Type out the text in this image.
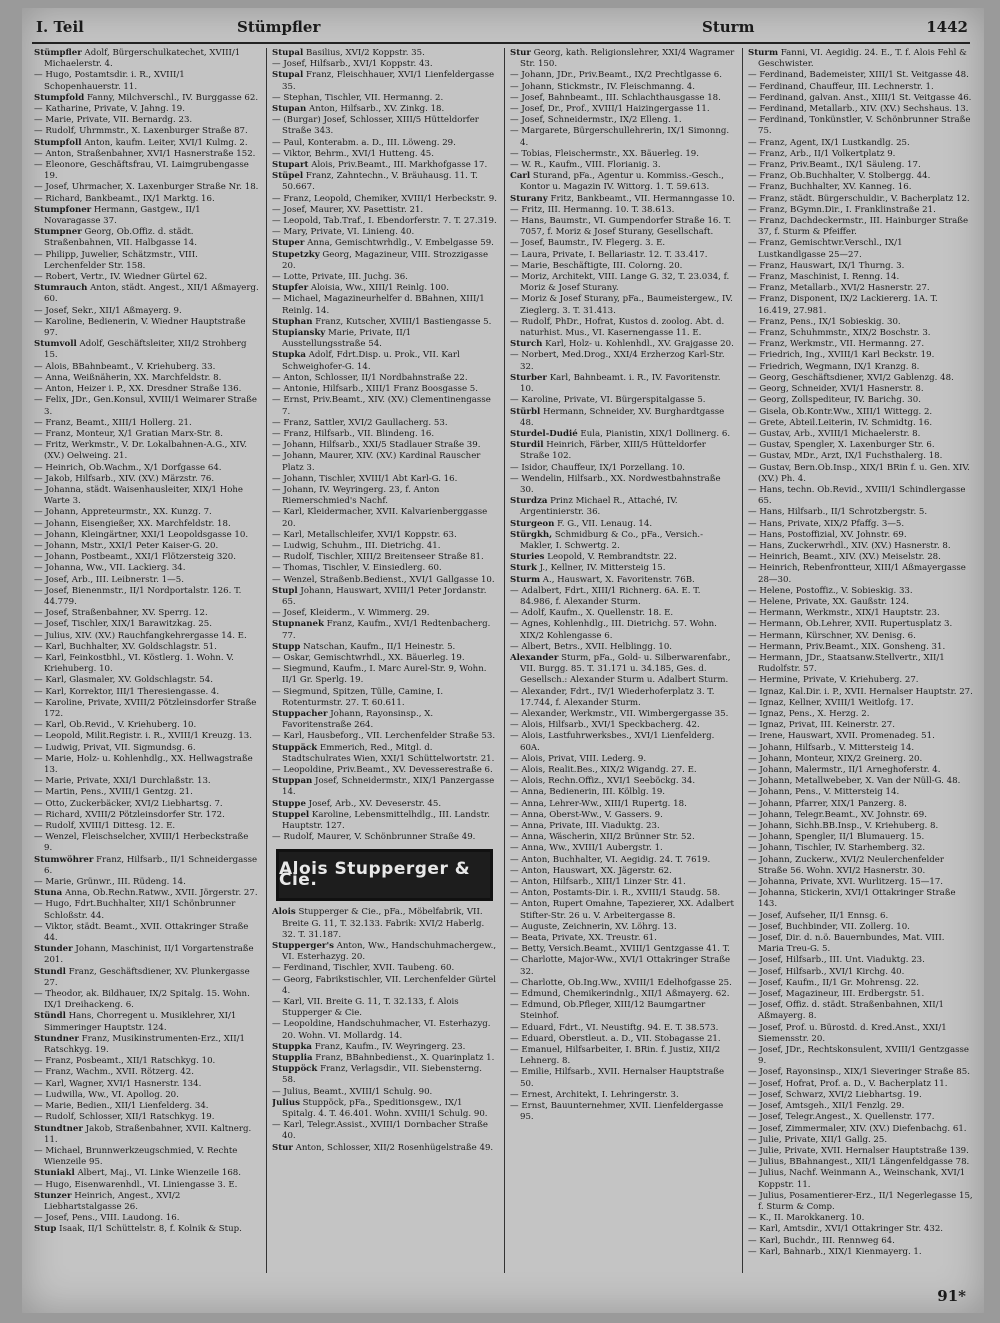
I. Teil	Stümpfler	Sturm	1442

Stümpfler Adolf, Bürgerschulkatechet, XVIII/1 Michaelerstr. 4.

— Hugo, Postamtsdir. i. R., XVIII/1 Schopenhauerstr. 11.

Stumpfold Fanny, Milchverschl., IV. Burggasse 62.

— Katharine, Private, V. Jahng. 19.

— Marie, Private, VII. Bernardg. 23.

— Rudolf, Uhrmmstr., X. Laxenburger Straße 87.

Stumpfoll Anton, kaufm. Leiter, XVI/1 Kulmg. 2.

— Anton, Straßenbahner, XVI/1 Hasnerstraße 152.

— Eleonore, Geschäftsfrau, VI. Laimgrubengasse 19.

— Josef, Uhrmacher, X. Laxenburger Straße Nr. 18.

— Richard, Bankbeamt., IX/1 Marktg. 16.

Stumpfoner Hermann, Gastgew., II/1 Novaragasse 37.

Stumpner Georg, Ob.Offiz. d. städt. Straßenbahnen, VII. Halbgasse 14.

— Philipp, Juwelier, Schätzmstr., VIII. Lerchenfelder Str. 158.

— Robert, Vertr., IV. Wiedner Gürtel 62.

Stumrauch Anton, städt. Angest., XII/1 Aßmayerg. 60.

— Josef, Sekr., XII/1 Aßmayerg. 9.

— Karoline, Bedienerin, V. Wiedner Hauptstraße 97.

Stumvoll Adolf, Geschäftsleiter, XII/2 Strohberg 15.

— Alois, BBahnbeamt., V. Kriehuberg. 33.

— Anna, Weißnäherin, XX. Marchfeldstr. 8.

— Anton, Heizer i. P., XX. Dresdner Straße 136.

— Felix, JDr., Gen.Konsul, XVIII/1 Weimarer Straße 3.

— Franz, Beamt., XIII/1 Hollerg. 21.

— Franz, Monteur, X/1 Gratian Marx-Str. 8.

— Fritz, Werkmstr., V. Dr. Lokalbahnen-A.G., XIV. (XV.) Oelweing. 21.

— Heinrich, Ob.Wachm., X/1 Dorfgasse 64.

— Jakob, Hilfsarb., XIV. (XV.) Märzstr. 76.

— Johanna, städt. Waisenhausleiter, XIX/1 Hohe Warte 3.

— Johann, Appreteurmstr., XX. Kunzg. 7.

— Johann, Eisengießer, XX. Marchfeldstr. 18.

— Johann, Kleingärtner, XXI/1 Leopoldsgasse 10.

— Johann, Mstr., XXI/1 Peter Kaiser-G. 20.

— Johann, Postbeamt., XXI/1 Flötzersteig 320.

— Johanna, Ww., VII. Lackierg. 34.

— Josef, Arb., III. Leibnerstr. 1—5.

— Josef, Bienenmstr., II/1 Nordportalstr. 126. T. 44.779.

— Josef, Straßenbahner, XV. Sperrg. 12.

— Josef, Tischler, XIX/1 Barawitzkag. 25.

— Julius, XIV. (XV.) Rauchfangkehrergasse 14. E.

— Karl, Buchhalter, XV. Goldschlagstr. 51.

— Karl, Feinkostbhl., VI. Köstlerg. 1. Wohn. V. Kriehuberg. 10.

— Karl, Glasmaler, XV. Goldschlagstr. 54.

— Karl, Korrektor, III/1 Theresiengasse. 4.

— Karoline, Private, XVIII/2 Pötzleinsdorfer Straße 172.

— Karl, Ob.Revid., V. Kriehuberg. 10.

— Leopold, Milit.Registr. i. R., XVIII/1 Kreuzg. 13.

— Ludwig, Privat, VII. Sigmundsg. 6.

— Marie, Holz- u. Kohlenhdlg., XX. Hellwagstraße 13.

— Marie, Private, XXI/1 Durchlaßstr. 13.

— Martin, Pens., XVIII/1 Gentzg. 21.

— Otto, Zuckerbäcker, XVI/2 Liebhartsg. 7.

— Richard, XVIII/2 Pötzleinsdorfer Str. 172.

— Rudolf, XVIII/1 Dittesg. 12. E.

— Wenzel, Fleischselcher, XVIII/1 Herbeckstraße 9.

Stumwöhrer Franz, Hilfsarb., II/1 Schneidergasse 6.

— Marie, Grünwr., III. Rüdeng. 14.

Stuna Anna, Ob.Rechn.Ratww., XVII. Jörgerstr. 27.

— Hugo, Fdrt.Buchhalter, XII/1 Schönbrunner Schloßstr. 44.

— Viktor, städt. Beamt., XVII. Ottakringer Straße 44.

Stunder Johann, Maschinist, II/1 Vorgartenstraße 201.

Stundl Franz, Geschäftsdiener, XV. Plunkergasse 27.

— Theodor, ak. Bildhauer, IX/2 Spitalg. 15. Wohn. IX/1 Dreihackeng. 6.

Stündl Hans, Chorregent u. Musiklehrer, XI/1 Simmeringer Hauptstr. 124.

Stundner Franz, Musikinstrumenten-Erz., XII/1 Ratschkyg. 19.

— Franz, Posbeamt., XII/1 Ratschkyg. 10.

— Franz, Wachm., XVII. Rötzerg. 42.

— Karl, Wagner, XVI/1 Hasnerstr. 134.

— Ludwilla, Ww., VI. Apollog. 20.

— Marie, Bedien., XII/1 Lienfelderg. 34.

— Rudolf, Schlosser, XII/1 Ratschkyg. 19.

Stundtner Jakob, Straßenbahner, XVII. Kaltnerg. 11.

— Michael, Brunnwerkzeugschmied, V. Rechte Wienzeile 95.

Stuniakl Albert, Maj., VI. Linke Wienzeile 168.

— Hugo, Eisenwarenhdl., VI. Liniengasse 3. E.

Stunzer Heinrich, Angest., XVI/2 Liebhartstalgasse 26.

— Josef, Pens., VIII. Laudong. 16.

Stup Isaak, II/1 Schüttelstr. 8, f. Kolnik & Stup.

Stupal Basilius, XVI/2 Koppstr. 35.

— Josef, Hilfsarb., XVI/1 Koppstr. 43.

Stupal Franz, Fleischhauer, XVI/1 Lienfeldergasse 35.

— Stephan, Tischler, VII. Hermanng. 2.

Stupan Anton, Hilfsarb., XV. Zinkg. 18.

— (Burgar) Josef, Schlosser, XIII/5 Hütteldorfer Straße 343.

— Paul, Konterabm. a. D., III. Löweng. 29.

— Viktor, Behrm., XVI/1 Hutteng. 45.

Stupart Alois, Priv.Beamt., III. Markhofgasse 17.

Stüpel Franz, Zahntechn., V. Bräuhausg. 11. T. 50.667.

— Franz, Leopold, Chemiker, XVIII/1 Herbeckstr. 9.

— Josef, Maurer, XV. Pasettistr. 21.

— Leopold, Tab.Traf., I. Ebendorferstr. 7. T. 27.319.

— Mary, Private, VI. Linieng. 40.

Stuper Anna, Gemischtwrhdlg., V. Embelgasse 59.

Stupetzky Georg, Magazineur, VIII. Strozzigasse 20.

— Lotte, Private, III. Juchg. 36.

Stupfer Aloisia, Ww., XIII/1 Reinlg. 100.

— Michael, Magazineurhelfer d. BBahnen, XIII/1 Reinlg. 14.

Stuphan Franz, Kutscher, XVIII/1 Bastiengasse 5.

Stupiansky Marie, Private, II/1 Ausstellungsstraße 54.

Stupka Adolf, Fdrt.Disp. u. Prok., VII. Karl Schweighofer-G. 14.

— Anton, Schlosser, II/1 Nordbahnstraße 22.

— Antonie, Hilfsarb., XIII/1 Franz Boosgasse 5.

— Ernst, Priv.Beamt., XIV. (XV.) Clementinengasse 7.

— Franz, Sattler, XVI/2 Gaullacherg. 53.

— Franz, Hilfsarb., VII. Blindeng. 16.

— Johann, Hilfsarb., XXI/5 Stadlauer Straße 39.

— Johann, Maurer, XIV. (XV.) Kardinal Rauscher Platz 3.

— Johann, Tischler, XVIII/1 Abt Karl-G. 16.

— Johann, IV. Weyringerg. 23, f. Anton Riemerschmied's Nachf.

— Karl, Kleidermacher, XVII. Kalvarienberggasse 20.

— Karl, Metallschleifer, XVI/1 Koppstr. 63.

— Ludwig, Schuhm., III. Dietrichg. 41.

— Rudolf, Tischler, XIII/2 Breitenseer Straße 81.

— Thomas, Tischler, V. Einsiedlerg. 60.

— Wenzel, Straßenb.Bedienst., XVI/1 Gallgasse 10.

Stupl Johann, Hauswart, XVIII/1 Peter Jordanstr. 65.

— Josef, Kleiderm., V. Wimmerg. 29.

Stupnanek Franz, Kaufm., XVI/1 Redtenbacherg. 77.

Stupp Natschan, Kaufm., II/1 Heinestr. 5.

— Oskar, Gemischtwrhdl., XX. Bäuerleg. 19.

— Siegmund, Kaufm., I. Marc Aurel-Str. 9, Wohn. II/1 Gr. Sperlg. 19.

— Siegmund, Spitzen, Tülle, Camine, I. Rotenturmstr. 27. T. 60.611.

Stuppacher Johann, Rayonsinsp., X. Favoritenstraße 264.

— Karl, Hausbeforg., VII. Lerchenfelder Straße 53.

Stuppäck Emmerich, Red., Mitgl. d. Stadtschulrates Wien, XXI/1 Schüttelwortstr. 21.

— Leopoldine, Priv.Beamt., XV. Devesserestraße 6.

Stuppan Josef, Schneidermstr., XIX/1 Panzergasse 14.

Stuppe Josef, Arb., XV. Deveserstr. 45.

Stuppel Karoline, Lebensmittelhdlg., III. Landstr. Hauptstr. 127.

— Rudolf, Maurer, V. Schönbrunner Straße 49.

Alois Stupperger & Cie.

Alois Stupperger & Cie., pFa., Möbelfabrik, VII. Breite G. 11, T. 32.133. Fabrik: XVI/2 Haberlg. 32. T. 31.187.

Stupperger's Anton, Ww., Handschuhmachergew., VI. Esterhazyg. 20.

— Ferdinand, Tischler, XVII. Taubeng. 60.

— Georg, Fabrikstischler, VII. Lerchenfelder Gürtel 4.

— Karl, VII. Breite G. 11, T. 32.133, f. Alois Stupperger & Cie.

— Leopoldine, Handschuhmacher, VI. Esterhazyg. 20. Wohn. VI. Mollardg. 14.

Stuppka Franz, Kaufm., IV. Weyringerg. 23.

Stupplia Franz, BBahnbedienst., X. Quarinplatz 1.

Stuppöck Franz, Verlagsdir., VII. Siebensterng. 58.

— Julius, Beamt., XVIII/1 Schulg. 90.

Julius Stuppöck, pFa., Speditionsgew., IX/1 Spitalg. 4. T. 46.401. Wohn. XVIII/1 Schulg. 90.

— Karl, Telegr.Assist., XVIII/1 Dornbacher Straße 40.

Stur Anton, Schlosser, XII/2 Rosenhügelstraße 49.

Stur Georg, kath. Religionslehrer, XXI/4 Wagramer Str. 150.

— Johann, JDr., Priv.Beamt., IX/2 Prechtlgasse 6.

— Johann, Stickmstr., IV. Fleischmanng. 4.

— Josef, Bahnbeamt., III. Schlachthausgasse 18.

— Josef, Dr., Prof., XVIII/1 Haizingergasse 11.

— Josef, Schneidermstr., IX/2 Elleng. 1.

— Margarete, Bürgerschullehrerin, IX/1 Simonng. 4.

— Tobias, Fleischermstr., XX. Bäuerleg. 19.

— W. R., Kaufm., VIII. Florianig. 3.

Carl Sturand, pFa., Agentur u. Kommiss.-Gesch., Kontor u. Magazin IV. Wittorg. 1. T. 59.613.

Sturany Fritz, Bankbeamt., VII. Hermanngasse 10.

— Fritz, III. Hermanng. 10. T. 38.613.

— Hans, Baumstr., VI. Gumpendorfer Straße 16. T. 7057, f. Moriz & Josef Sturany, Gesellschaft.

— Josef, Baumstr., IV. Flegerg. 3. E.

— Laura, Private, I. Bellariastr. 12. T. 33.417.

— Marie, Beschäftigte, III. Colorng. 20.

— Moriz, Architekt, VIII. Lange G. 32, T. 23.034, f. Moriz & Josef Sturany.

— Moriz & Josef Sturany, pFa., Baumeistergew., IV. Zieglerg. 3. T. 31.413.

— Rudolf, PhDr., Hofrat, Kustos d. zoolog. Abt. d. naturhist. Mus., VI. Kasernengasse 11. E.

Sturch Karl, Holz- u. Kohlenhdl., XV. Grajgasse 20.

— Norbert, Med.Drog., XXI/4 Erzherzog Karl-Str. 32.

Sturber Karl, Bahnbeamt. i. R., IV. Favoritenstr. 10.

— Karoline, Private, VI. Bürgerspitalgasse 5.

Stürbl Hermann, Schneider, XV. Burghardtgasse 48.

Sturdel-Dudié Eula, Pianistin, XIX/1 Dollinerg. 6.

Sturdil Heinrich, Färber, XIII/5 Hütteldorfer Straße 102.

— Isidor, Chauffeur, IX/1 Porzellang. 10.

— Wendelin, Hilfsarb., XX. Nordwestbahnstraße 30.

Sturdza Prinz Michael R., Attaché, IV. Argentinierstr. 36.

Sturgeon F. G., VII. Lenaug. 14.

Stürgkh, Schmidburg & Co., pFa., Versich.-Makler, I. Schwertg. 2.

Sturies Leopold, V. Rembrandtstr. 22.

Sturk J., Kellner, IV. Mittersteig 15.

Sturm A., Hauswart, X. Favoritenstr. 76B.

— Adalbert, Fdrt., XIII/1 Richnerg. 6A. E. T. 84.986, f. Alexander Sturm.

— Adolf, Kaufm., X. Quellenstr. 18. E.

— Agnes, Kohlenhdlg., III. Dietrichg. 57. Wohn. XIX/2 Kohlengasse 6.

— Albert, Betrs., XVII. Helblingg. 10.

Alexander Sturm, pFa., Gold- u. Silberwarenfabr., VII. Burgg. 85. T. 31.171 u. 34.185, Ges. d. Gesellsch.: Alexander Sturm u. Adalbert Sturm.

— Alexander, Fdrt., IV/1 Wiederhoferplatz 3. T. 17.744, f. Alexander Sturm.

— Alexander, Werkmstr., VII. Wimbergergasse 35.

— Alois, Hilfsarb., XVI/1 Speckbacherg. 42.

— Alois, Lastfuhrwerksbes., XVI/1 Lienfelderg. 60A.

— Alois, Privat, VIII. Lederg. 9.

— Alois, Realit.Bes., XIX/2 Wigandg. 27. E.

— Alois, Rechn.Offiz., XVI/1 Seeböckg. 34.

— Anna, Bedienerin, III. Kölblg. 19.

— Anna, Lehrer-Ww., XIII/1 Rupertg. 18.

— Anna, Oberst-Ww., V. Gassers. 9.

— Anna, Private, III. Viaduktg. 23.

— Anna, Wäscherin, XII/2 Brünner Str. 52.

— Anna, Ww., XVIII/1 Aubergstr. 1.

— Anton, Buchhalter, VI. Aegidig. 24. T. 7619.

— Anton, Hauswart, XX. Jägerstr. 62.

— Anton, Hilfsarb., XIII/1 Linzer Str. 41.

— Anton, Postamts-Dir. i. R., XVIII/1 Staudg. 58.

— Anton, Rupert Omahne, Tapezierer, XX. Adalbert Stifter-Str. 26 u. V. Arbeitergasse 8.

— Auguste, Zeichnerin, XV. Löhrg. 13.

— Beata, Private, XX. Treustr. 61.

— Betty, Versich.Beamt., XVIII/1 Gentzgasse 41. T.

— Charlotte, Major-Ww., XVI/1 Ottakringer Straße 32.

— Charlotte, Ob.Ing.Ww., XVIII/1 Edelhofgasse 25.

— Edmund, Chemikerindnlg., XII/1 Aßmayerg. 62.

— Edmund, Ob.Pfleger, XIII/12 Baumgartner Steinhof.

— Eduard, Fdrt., VI. Neustiftg. 94. E. T. 38.573.

— Eduard, Oberstleut. a. D., VII. Stobagasse 21.

— Emanuel, Hilfsarbeiter, I. BRin. f. Justiz, XII/2 Lehnerg. 8.

— Emilie, Hilfsarb., XVII. Hernalser Hauptstraße 50.

— Ernest, Architekt, I. Lehringerstr. 3.

— Ernst, Bauunternehmer, XVII. Lienfeldergasse 95.

Sturm Fanni, VI. Aegidig. 24. E., T. f. Alois Fehl & Geschwister.

— Ferdinand, Bademeister, XIII/1 St. Veitgasse 48.

— Ferdinand, Chauffeur, III. Lechnerstr. 1.

— Ferdinand, galvan. Anst., XIII/1 St. Veitgasse 46.

— Ferdinand, Metallarb., XIV. (XV.) Sechshaus. 13.

— Ferdinand, Tonkünstler, V. Schönbrunner Straße 75.

— Franz, Agent, IX/1 Lustkandlg. 25.

— Franz, Arb., II/1 Volkertplatz 9.

— Franz, Priv.Beamt., IX/1 Säuleng. 17.

— Franz, Ob.Buchhalter, V. Stolbergg. 44.

— Franz, Buchhalter, XV. Kanneg. 16.

— Franz, städt. Bürgerschuldir., V. Bacherplatz 12.

— Franz, BGymn.Dir., I. Franklinstraße 21.

— Franz, Dachdeckermstr., III. Hainburger Straße 37, f. Sturm & Pfeiffer.

— Franz, Gemischtwr.Verschl., IX/1 Lustkandlgasse 25—27.

— Franz, Hauswart, IX/1 Thurng. 3.

— Franz, Maschinist, I. Renng. 14.

— Franz, Metallarb., XVI/2 Hasnerstr. 27.

— Franz, Disponent, IX/2 Lackiererg. 1A. T. 16.419, 27.981.

— Franz, Pens., IX/1 Sobieskig. 30.

— Franz, Schuhmmstr., XIX/2 Boschstr. 3.

— Franz, Werkmstr., VII. Hermanng. 27.

— Friedrich, Ing., XVIII/1 Karl Beckstr. 19.

— Friedrich, Wegmann, IX/1 Kranzg. 8.

— Georg, Geschäftsdiener, XVI/2 Gablenzg. 48.

— Georg, Schneider, XVI/1 Hasnerstr. 8.

— Georg, Zollspediteur, IV. Barichg. 30.

— Gisela, Ob.Kontr.Ww., XIII/1 Wittegg. 2.

— Grete, Abteil.Leiterin, IV. Schmidtg. 16.

— Gustav, Arb., XVIII/1 Michaelerstr. 8.

— Gustav, Spengler, X. Laxenburger Str. 6.

— Gustav, MDr., Arzt, IX/1 Fuchsthalerg. 18.

— Gustav, Bern.Ob.Insp., XIX/1 BRin f. u. Gen. XIV. (XV.) Ph. 4.

— Hans, techn. Ob.Revid., XVIII/1 Schindlergasse 65.

— Hans, Hilfsarb., II/1 Schrotzbergstr. 5.

— Hans, Private, XIX/2 Pfaffg. 3—5.

— Hans, Postoffizial, XV. Johnstr. 69.

— Hans, Zuckerwrhdl., XIV. (XV.) Hasnerstr. 8.

— Heinrich, Beamt., XIV. (XV.) Meiselstr. 28.

— Heinrich, Rebenfrontteur, XIII/1 Aßmayergasse 28—30.

— Helene, Postoffiz., V. Sobieskig. 33.

— Helene, Private, XX. Gaußstr. 124.

— Hermann, Werkmstr., XIX/1 Hauptstr. 23.

— Hermann, Ob.Lehrer, XVII. Rupertusplatz 3.

— Hermann, Kürschner, XV. Denisg. 6.

— Hermann, Priv.Beamt., XIX. Gonsheng. 31.

— Hermann, JDr., Staatsanw.Stellvertr., XII/1 Rudolfstr. 57.

— Hermine, Private, V. Kriehuberg. 27.

— Ignaz, Kal.Dir. i. P., XVII. Hernalser Hauptstr. 27.

— Ignaz, Kellner, XVIII/1 Weitlofg. 17.

— Ignaz, Pens., X. Herzg. 2.

— Ignaz, Privat, III. Keinerstr. 27.

— Irene, Hauswart, XVII. Promenadeg. 51.

— Johann, Hilfsarb., V. Mittersteig 14.

— Johann, Monteur, XIX/2 Greinerg. 20.

— Johann, Malermstr., II/1 Arneghoferstr. 4.

— Johann, Metallwebeber, X. Van der Nüll-G. 48.

— Johann, Pens., V. Mittersteig 14.

— Johann, Pfarrer, XIX/1 Panzerg. 8.

— Johann, Telegr.Beamt., XV. Johnstr. 69.

— Johann, Sichh.BB.Insp., V. Kriehuberg. 8.

— Johann, Spengler, II/1 Blumauerg. 15.

— Johann, Tischler, IV. Starhemberg. 32.

— Johann, Zuckerw., XVI/2 Neulerchenfelder Straße 56. Wohn. XVI/2 Hasnerstr. 30.

— Johanna, Private, XVI. Wurlitzerg. 15—17.

— Johanna, Stickerin, XVI/1 Ottakringer Straße 143.

— Josef, Aufseher, II/1 Ennsg. 6.

— Josef, Buchbinder, VII. Zollerg. 10.

— Josef, Dir. d. n.ö. Bauernbundes, Mat. VIII. Maria Treu-G. 5.

— Josef, Hilfsarb., III. Unt. Viaduktg. 23.

— Josef, Hilfsarb., XVI/1 Kirchg. 40.

— Josef, Kaufm., II/1 Gr. Mohrensg. 22.

— Josef, Magazineur, III. Erdbergstr. 51.

— Josef, Offiz. d. städt. Straßenbahnen, XII/1 Aßmayerg. 8.

— Josef, Prof. u. Bürostd. d. Kred.Anst., XXI/1 Siemensstr. 20.

— Josef, JDr., Rechtskonsulent, XVIII/1 Gentzgasse 9.

— Josef, Rayonsinsp., XIX/1 Sieveringer Straße 85.

— Josef, Hofrat, Prof. a. D., V. Bacherplatz 11.

— Josef, Schwarz, XVI/2 Liebhartsg. 19.

— Josef, Amtsgeh., XII/1 Fenzlg. 29.

— Josef, Telegr.Angest., X. Quellenstr. 177.

— Josef, Zimmermaler, XIV. (XV.) Diefenbachg. 61.

— Julie, Private, XII/1 Gallg. 25.

— Julie, Private, XVII. Hernalser Hauptstraße 139.

— Julius, BBahnangest., XII/1 Längenfeldgasse 78.

— Julius, Nachf. Weinmann A., Weinschank, XVI/1 Koppstr. 11.

— Julius, Posamentierer-Erz., II/1 Negerlegasse 15, f. Sturm & Comp.

— K., II. Marokkanerg. 10.

— Karl, Amtsdir., XVI/1 Ottakringer Str. 432.

— Karl, Buchdr., III. Rennweg 64.

— Karl, Bahnarb., XIX/1 Kienmayerg. 1.

91*
